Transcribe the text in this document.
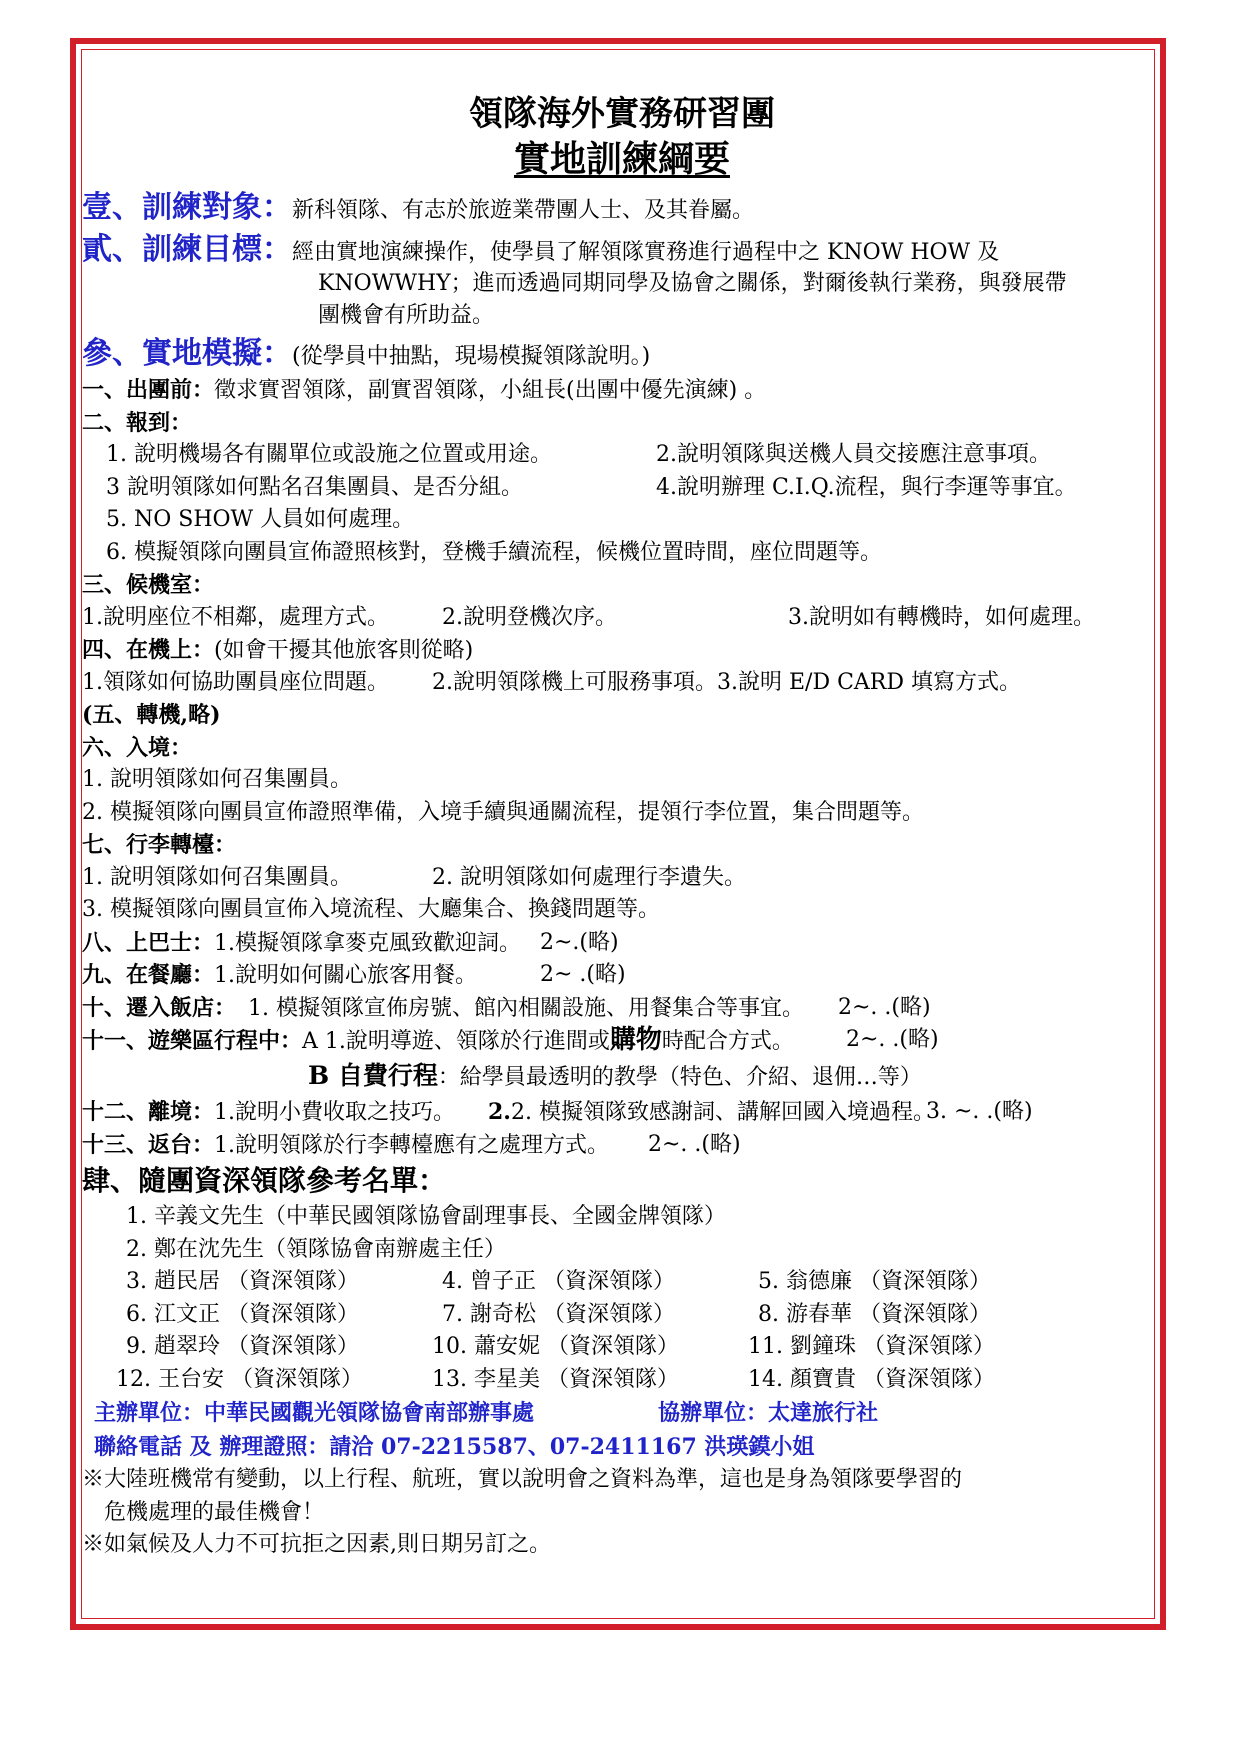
領隊海外實務研習團
實地訓練綱要
壹、訓練對象： 新科領隊、有志於旅遊業帶團人士、及其眷屬。
貳、訓練目標： 經由實地演練操作，使學員了解領隊實務進行過程中之 KNOW HOW 及
KNOWWHY；進而透過同期同學及協會之關係，對爾後執行業務，與發展帶
團機會有所助益。
參、實地模擬： (從學員中抽點，現場模擬領隊說明。)
一、出團前：徵求實習領隊，副實習領隊，小組長(出團中優先演練) 。
二、報到：
1. 說明機場各有關單位或設施之位置或用途。	2.說明領隊與送機人員交接應注意事項。
3 說明領隊如何點名召集團員、是否分組。	4.說明辦理 C.I.Q.流程，與行李運等事宜。
5. NO SHOW 人員如何處理。
6. 模擬領隊向團員宣佈證照核對，登機手續流程，候機位置時間，座位問題等。
三、候機室：
1.說明座位不相鄰，處理方式。 2.說明登機次序。	3.說明如有轉機時，如何處理。
四、在機上：(如會干擾其他旅客則從略)
1.領隊如何協助團員座位問題。 2.說明領隊機上可服務事項。3.說明 E/D CARD 填寫方式。
(五、轉機,略)
六、入境：
1. 說明領隊如何召集團員。
2. 模擬領隊向團員宣佈證照準備，入境手續與通關流程，提領行李位置，集合問題等。
七、行李轉檯：
1. 說明領隊如何召集團員。	2. 說明領隊如何處理行李遺失。
3. 模擬領隊向團員宣佈入境流程、大廳集合、換錢問題等。
八、上巴士：1.模擬領隊拿麥克風致歡迎詞。 2~.(略)
九、在餐廳：1.說明如何關心旅客用餐。	2~ .(略)
十、遷入飯店： 1. 模擬領隊宣佈房號、館內相關設施、用餐集合等事宜。 2~. .(略)
十一、遊樂區行程中：A 1.說明導遊、領隊於行進間或購物時配合方式。 2~. .(略)
B 自費行程：給學員最透明的教學（特色、介紹、退佣…等）
十二、離境：1.說明小費收取之技巧。 2.2. 模擬領隊致感謝詞、講解回國入境過程。
3. ~. .(略)
十三、返台：1.說明領隊於行李轉檯應有之處理方式。 2~. .(略)
肆、隨團資深領隊參考名單：
1. 辛義文先生（中華民國領隊協會副理事長、全國金牌領隊）
2. 鄭在沈先生（領隊協會南辦處主任）
3. 趙民居 （資深領隊）	4. 曾子正 （資深領隊）	5. 翁德廉 （資深領隊）
6. 江文正 （資深領隊）	7. 謝奇松 （資深領隊）	8. 游春華 （資深領隊）
9. 趙翠玲 （資深領隊）	10. 蕭安妮 （資深領隊）	11. 劉鐘珠 （資深領隊）
12. 王台安 （資深領隊）	13. 李星美 （資深領隊）	14. 顏寶貴 （資深領隊）
主辦單位：中華民國觀光領隊協會南部辦事處	協辦單位：太達旅行社
聯絡電話 及 辦理證照：請洽 07-2215587、07-2411167 洪瑛鏌小姐
※大陸班機常有變動，以上行程、航班，實以說明會之資料為準，這也是身為領隊要學習的
危機處理的最佳機會！
※如氣候及人力不可抗拒之因素,則日期另訂之。
